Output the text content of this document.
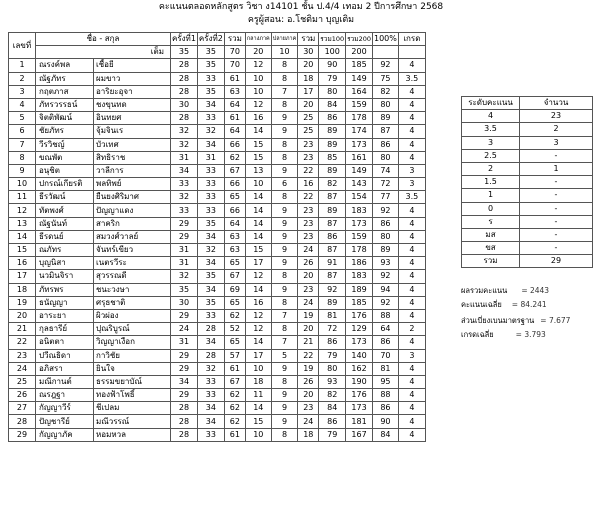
คะแนนตลอดหลักสูตร วิชา ง14101 ชั้น ป.4/4 เทอม 2 ปีการศึกษา 2568
ครูผู้สอน: อ.โชติมา บุญเติม
เลขที่	ชื่อ - สกุล		ครั้งที่1	ครั้งที่2	รวม	กลางภาค	ปลายภาค	รวม	รวม100	รวม200	100%	เกรด
	เต็ม		35	35	70	20	10	30	100	200		
1	ณรงค์พล	เชื้อยี	28	35	70	12	8	20	90	185	92	4
2	ณัฐภัทร	ผมขาว	28	33	61	10	8	18	79	149	75	3.5
3	กฤตภาส	อาริยะอุจา	28	35	63	10	7	17	80	164	82	4
4	ภัทรวรรธน์	ชงขุนทด	30	34	64	12	8	20	84	159	80	4
5	จิตติพัฒน์	อินทยศ	28	33	61	16	9	25	86	178	89	4
6	ชัยภัทร	จุ้มจินเร	32	32	64	14	9	25	89	174	87	4
7	วีรวิชญ์	บัวเทศ	32	34	66	15	8	23	89	173	86	4
8	ขณพัต	สิทธิราช	31	31	62	15	8	23	85	161	80	4
9	อนุชิต	วาลีการ	34	33	67	13	9	22	89	149	74	3
10	ปกรณ์เกียรติ	พลทิพย์	33	33	66	10	6	16	82	143	72	3
11	ธีรวัฒน์	ยืนยงศิริมาศ	32	33	65	14	8	22	87	154	77	3.5
12	ทัตพงศ์	ปัญญาแดง	33	33	66	14	9	23	89	183	92	4
13	ณัฐนันท์	สาคริก	29	35	64	14	9	23	87	173	86	4
14	ธีรดนย์	สมวงศ์วาลย์	29	34	63	14	9	23	86	159	80	4
15	ณภัทร	จันทร์เขียว	31	32	63	15	9	24	87	178	89	4
16	บุญนิสา	เนตรวีระ	31	34	65	17	9	26	91	186	93	4
17	นวมินจิรา	สุวรรณดี	32	35	67	12	8	20	87	183	92	4
18	ภัทรพร	ชนะวงษา	35	34	69	14	9	23	92	189	94	4
19	ธนัญญา	ศรุธชาติ	30	35	65	16	8	24	89	185	92	4
20	อาระยา	ผิวผ่อง	29	33	62	12	7	19	81	176	88	4
21	กุลธารีย์	ปุณริบูรณ์	24	28	52	12	8	20	72	129	64	2
22	อนิตตา	วิญญาเงือก	31	34	65	14	7	21	86	173	86	4
23	ปวีณธิดา	กาวิชัย	29	28	57	17	5	22	79	140	70	3
24	อภิสรา	ยินใจ	29	32	61	10	9	19	80	162	81	4
25	มณีกานต์	ธรรมขยาบัณ์	34	33	67	18	8	26	93	190	95	4
26	ณรฎฐา	ทองฟ้าโพธิ์	29	33	62	11	9	20	82	176	88	4
27	กัญญาวีร์	ชีเปลม	28	34	62	14	9	23	84	173	86	4
28	ปัญชารีย์	มณีวรรณ์	28	34	62	15	9	24	86	181	90	4
29	กัญญาภัค	หอมหวล	28	33	61	10	8	18	79	167	84	4
ระดับคะแนน	จำนวน
4	23
3.5	2
3	3
2.5	-
2	1
1.5	-
1	-
0	-
ร	-
มส	-
ขส	-
รวม	29
ผลรวมคะแนน = 2443
คะแนนเฉลี่ย = 84.241
ส่วนเบี่ยงเบนมาตรฐาน = 7.677
เกรดเฉลี่ย	= 3.793
